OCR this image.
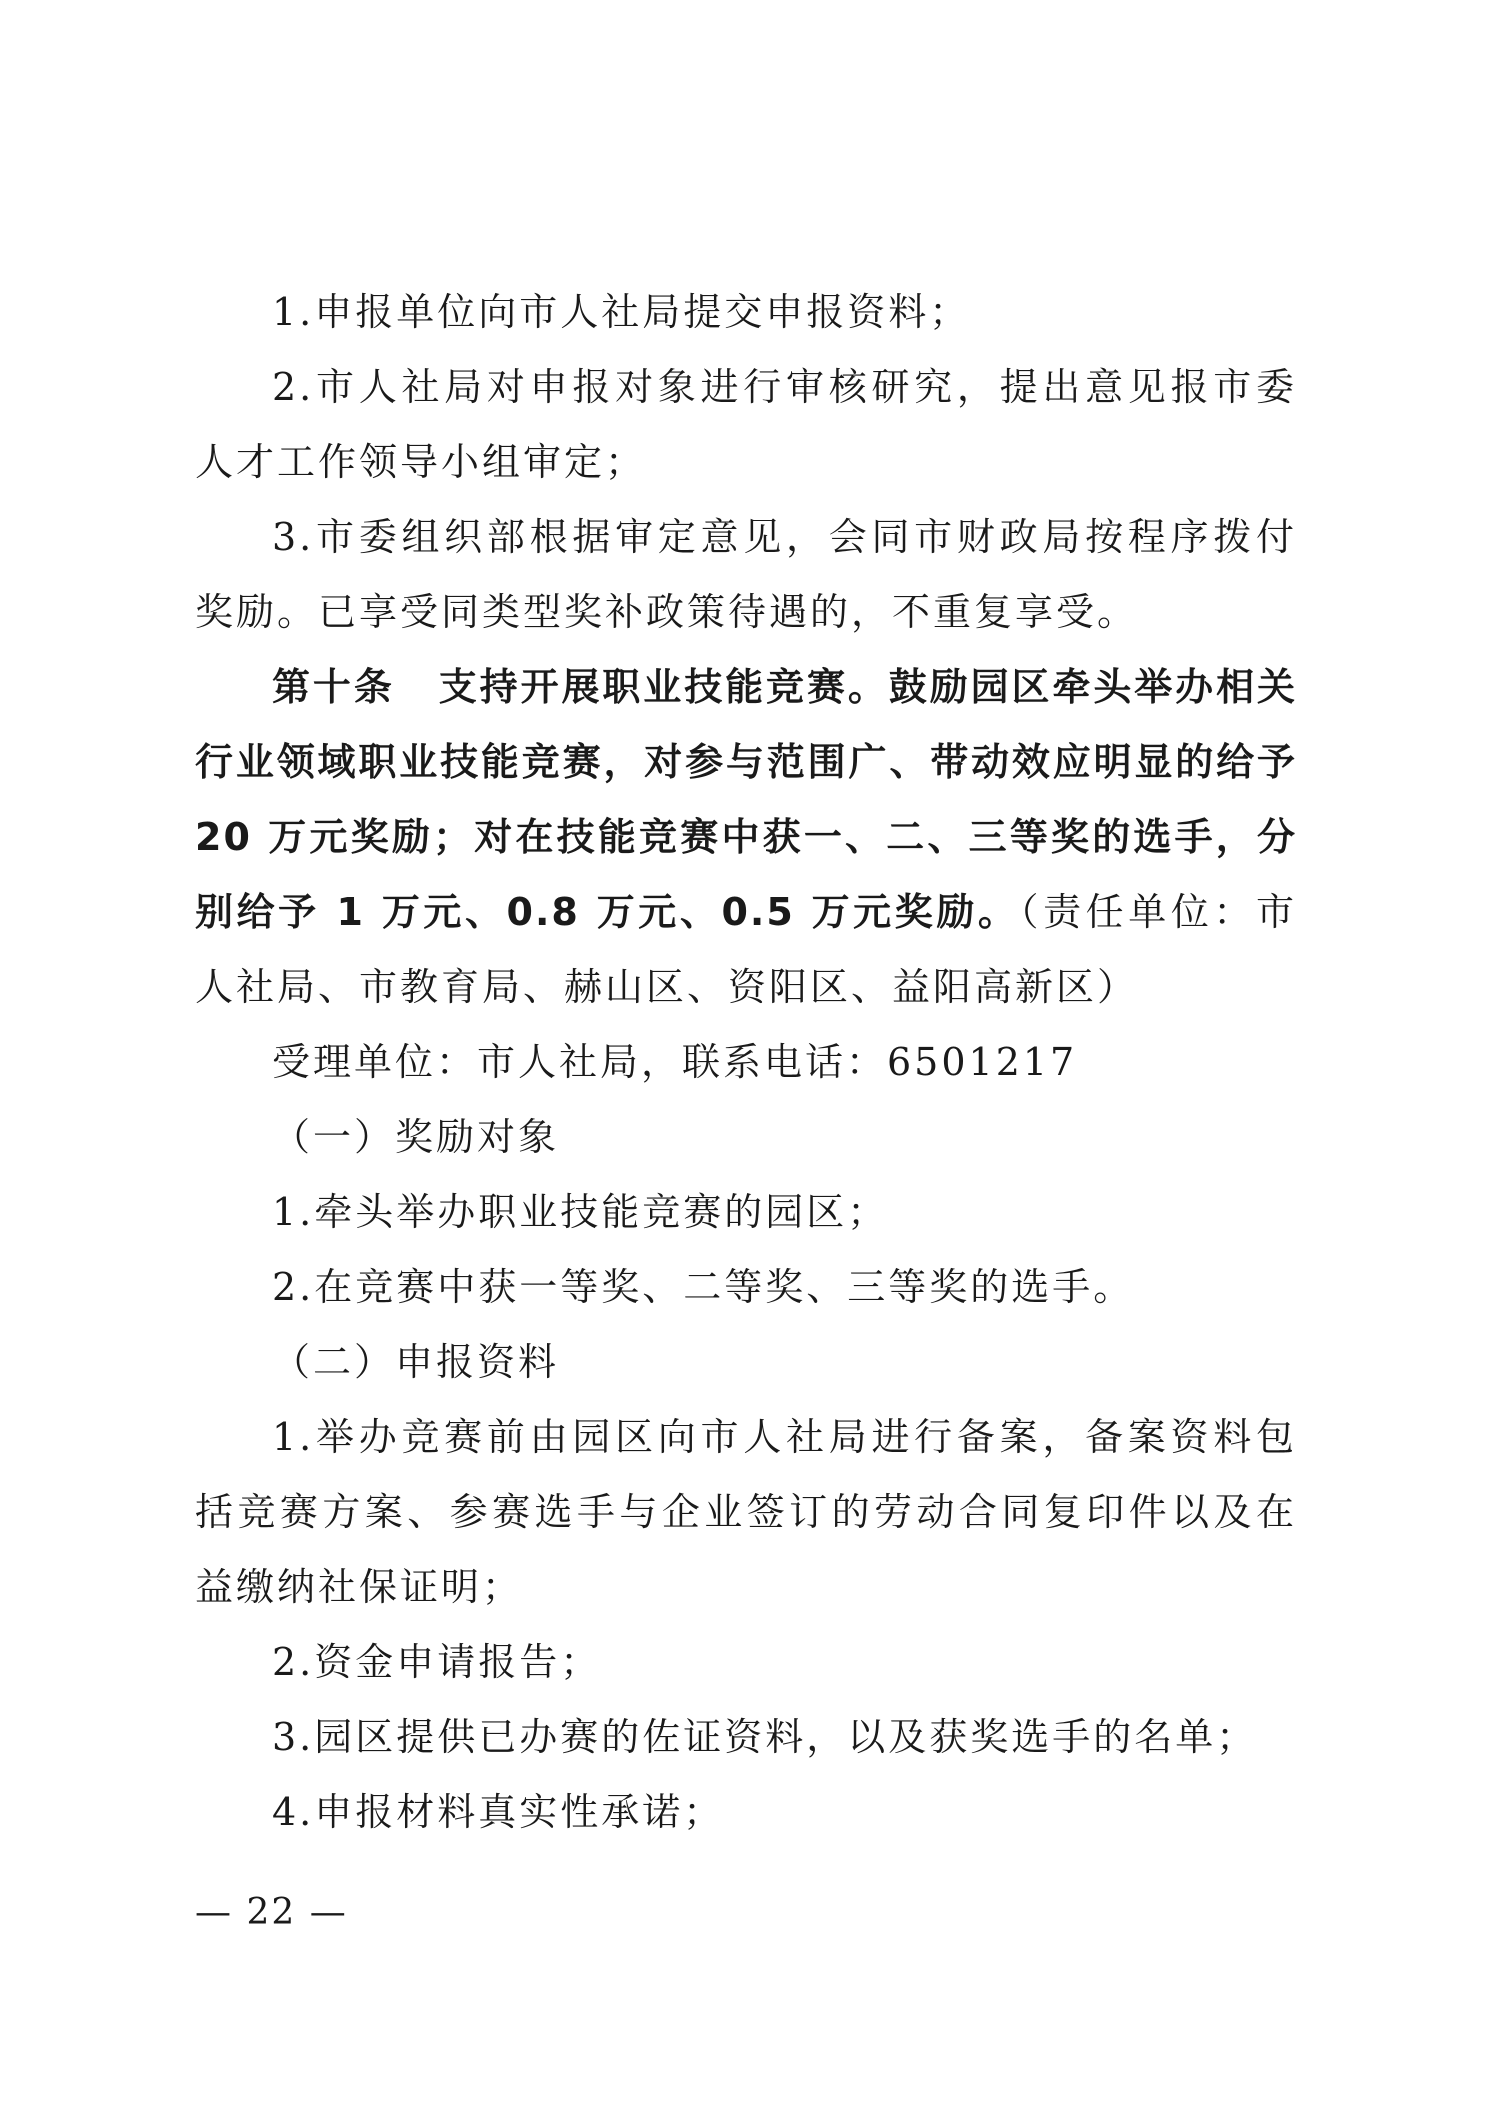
1.申报单位向市人社局提交申报资料；

2.市人社局对申报对象进行审核研究，提出意见报市委人才工作领导小组审定；

3.市委组织部根据审定意见，会同市财政局按程序拨付奖励。已享受同类型奖补政策待遇的，不重复享受。

第十条 支持开展职业技能竞赛。鼓励园区牵头举办相关行业领域职业技能竞赛，对参与范围广、带动效应明显的给予 20 万元奖励；对在技能竞赛中获一、二、三等奖的选手，分别给予 1 万元、0.8 万元、0.5 万元奖励。（责任单位：市人社局、市教育局、赫山区、资阳区、益阳高新区）

受理单位：市人社局，联系电话：6501217

（一）奖励对象

1.牵头举办职业技能竞赛的园区；

2.在竞赛中获一等奖、二等奖、三等奖的选手。

（二）申报资料

1.举办竞赛前由园区向市人社局进行备案，备案资料包括竞赛方案、参赛选手与企业签订的劳动合同复印件以及在益缴纳社保证明；

2.资金申请报告；

3.园区提供已办赛的佐证资料，以及获奖选手的名单；

4.申报材料真实性承诺；

— 22 —
